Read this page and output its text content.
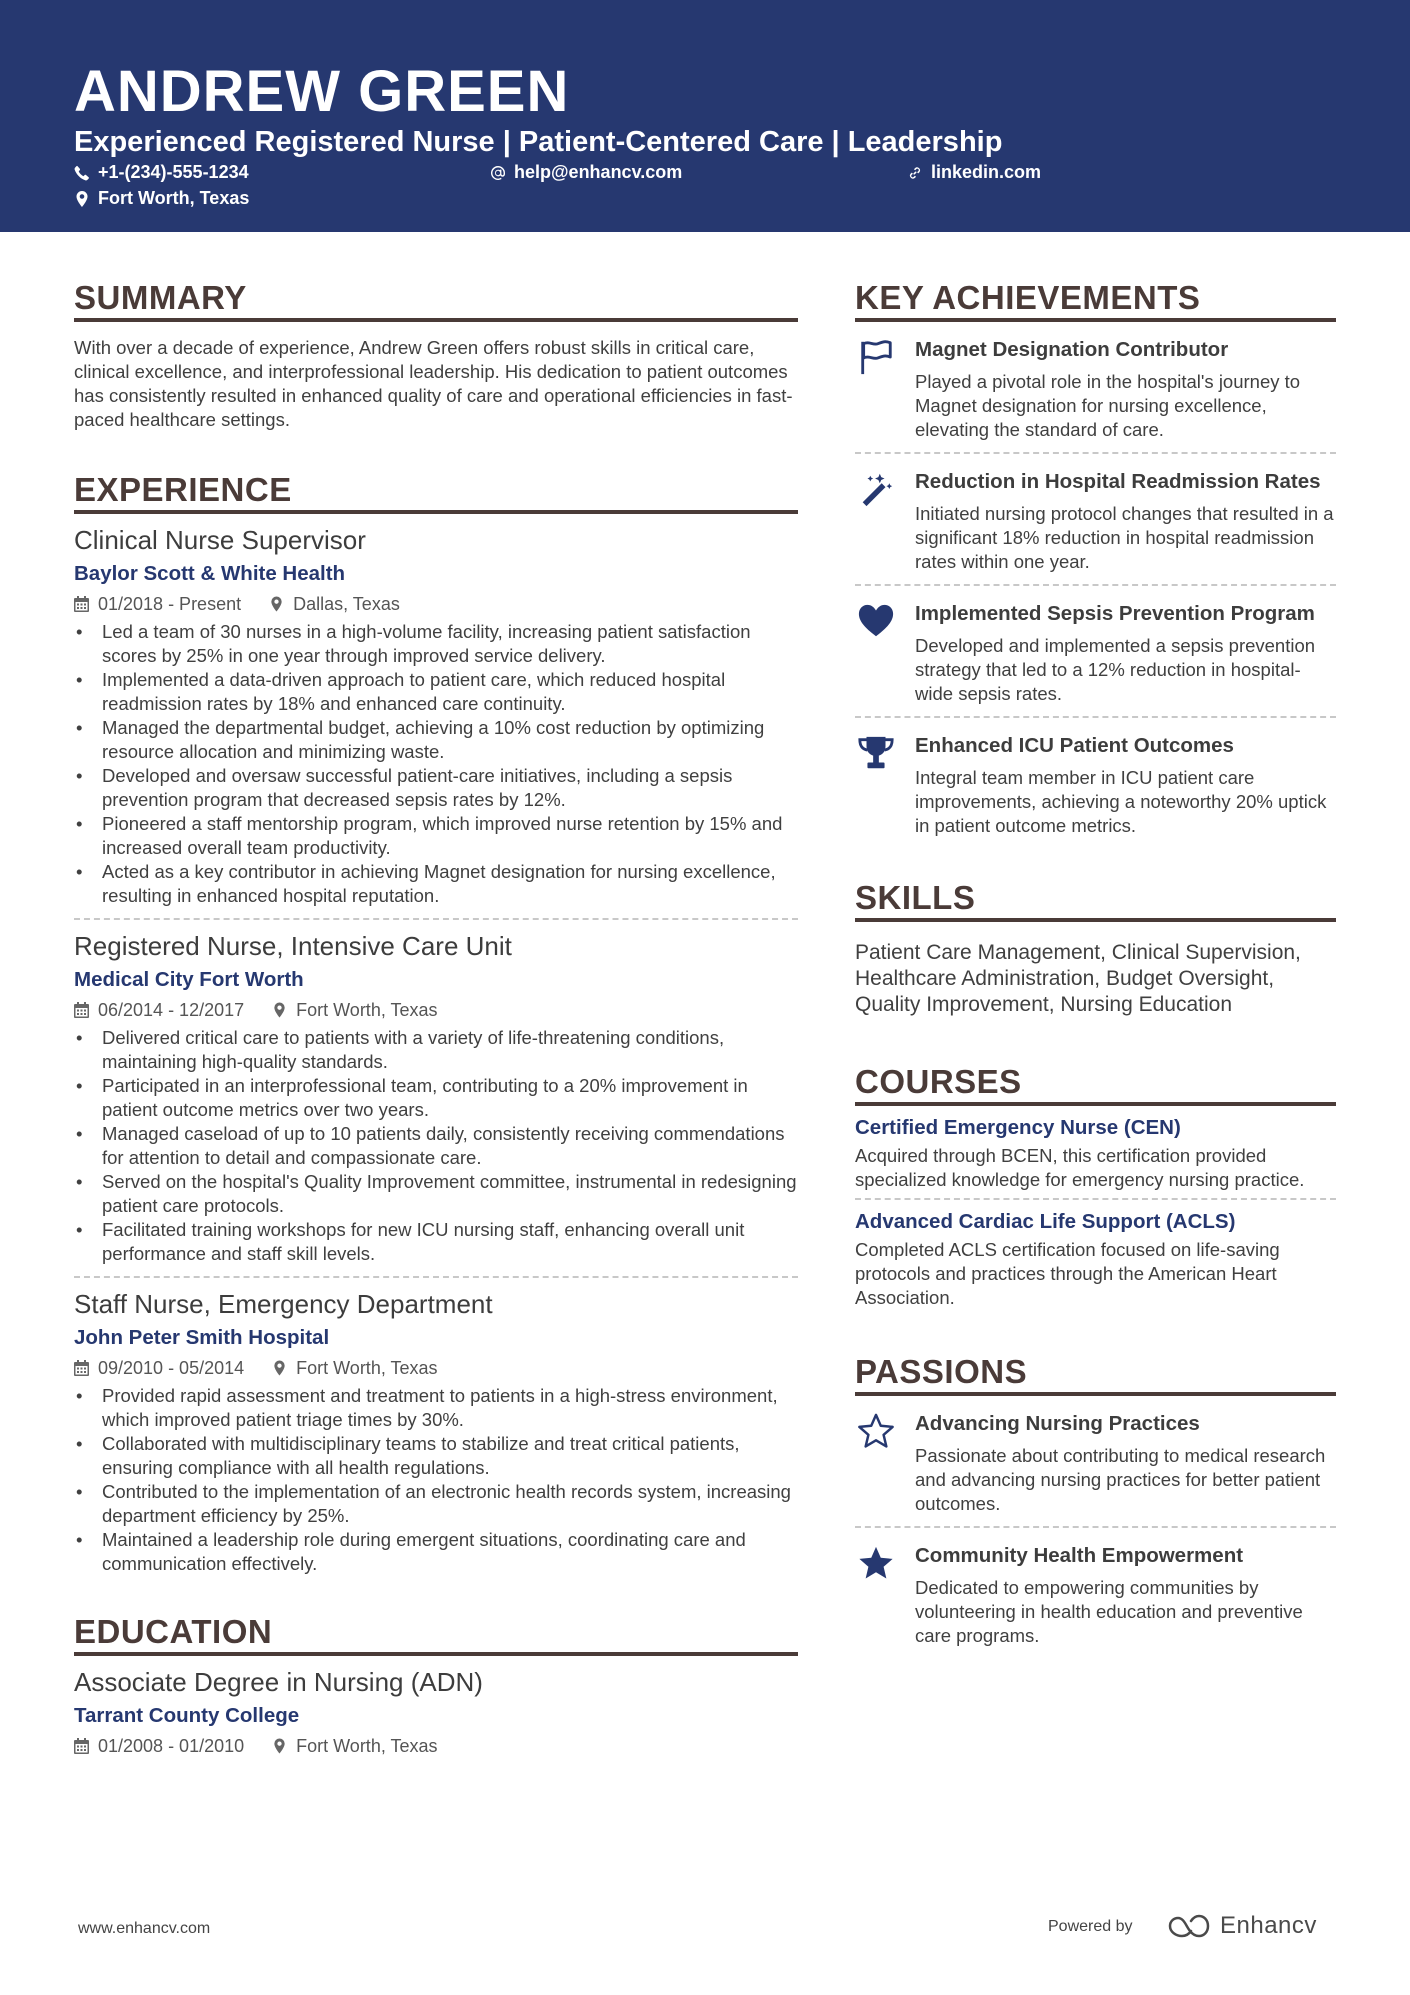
ANDREW GREEN
Experienced Registered Nurse | Patient-Centered Care | Leadership
+1-(234)-555-1234	help@enhancv.com	linkedin.com
Fort Worth, Texas
SUMMARY
With over a decade of experience, Andrew Green offers robust skills in critical care, clinical excellence, and interprofessional leadership. His dedication to patient outcomes has consistently resulted in enhanced quality of care and operational efficiencies in fast-paced healthcare settings.
EXPERIENCE
Clinical Nurse Supervisor
Baylor Scott & White Health
01/2018 - Present	Dallas, Texas
• Led a team of 30 nurses in a high-volume facility, increasing patient satisfaction scores by 25% in one year through improved service delivery.
• Implemented a data-driven approach to patient care, which reduced hospital readmission rates by 18% and enhanced care continuity.
• Managed the departmental budget, achieving a 10% cost reduction by optimizing resource allocation and minimizing waste.
• Developed and oversaw successful patient-care initiatives, including a sepsis prevention program that decreased sepsis rates by 12%.
• Pioneered a staff mentorship program, which improved nurse retention by 15% and increased overall team productivity.
• Acted as a key contributor in achieving Magnet designation for nursing excellence, resulting in enhanced hospital reputation.
Registered Nurse, Intensive Care Unit
Medical City Fort Worth
06/2014 - 12/2017	Fort Worth, Texas
• Delivered critical care to patients with a variety of life-threatening conditions, maintaining high-quality standards.
• Participated in an interprofessional team, contributing to a 20% improvement in patient outcome metrics over two years.
• Managed caseload of up to 10 patients daily, consistently receiving commendations for attention to detail and compassionate care.
• Served on the hospital's Quality Improvement committee, instrumental in redesigning patient care protocols.
• Facilitated training workshops for new ICU nursing staff, enhancing overall unit performance and staff skill levels.
Staff Nurse, Emergency Department
John Peter Smith Hospital
09/2010 - 05/2014	Fort Worth, Texas
• Provided rapid assessment and treatment to patients in a high-stress environment, which improved patient triage times by 30%.
• Collaborated with multidisciplinary teams to stabilize and treat critical patients, ensuring compliance with all health regulations.
• Contributed to the implementation of an electronic health records system, increasing department efficiency by 25%.
• Maintained a leadership role during emergent situations, coordinating care and communication effectively.
EDUCATION
Associate Degree in Nursing (ADN)
Tarrant County College
01/2008 - 01/2010	Fort Worth, Texas
KEY ACHIEVEMENTS
Magnet Designation Contributor
Played a pivotal role in the hospital's journey to Magnet designation for nursing excellence, elevating the standard of care.
Reduction in Hospital Readmission Rates
Initiated nursing protocol changes that resulted in a significant 18% reduction in hospital readmission rates within one year.
Implemented Sepsis Prevention Program
Developed and implemented a sepsis prevention strategy that led to a 12% reduction in hospital-wide sepsis rates.
Enhanced ICU Patient Outcomes
Integral team member in ICU patient care improvements, achieving a noteworthy 20% uptick in patient outcome metrics.
SKILLS
Patient Care Management, Clinical Supervision, Healthcare Administration, Budget Oversight, Quality Improvement, Nursing Education
COURSES
Certified Emergency Nurse (CEN)
Acquired through BCEN, this certification provided specialized knowledge for emergency nursing practice.
Advanced Cardiac Life Support (ACLS)
Completed ACLS certification focused on life-saving protocols and practices through the American Heart Association.
PASSIONS
Advancing Nursing Practices
Passionate about contributing to medical research and advancing nursing practices for better patient outcomes.
Community Health Empowerment
Dedicated to empowering communities by volunteering in health education and preventive care programs.
www.enhancv.com	Powered by	Enhancv
